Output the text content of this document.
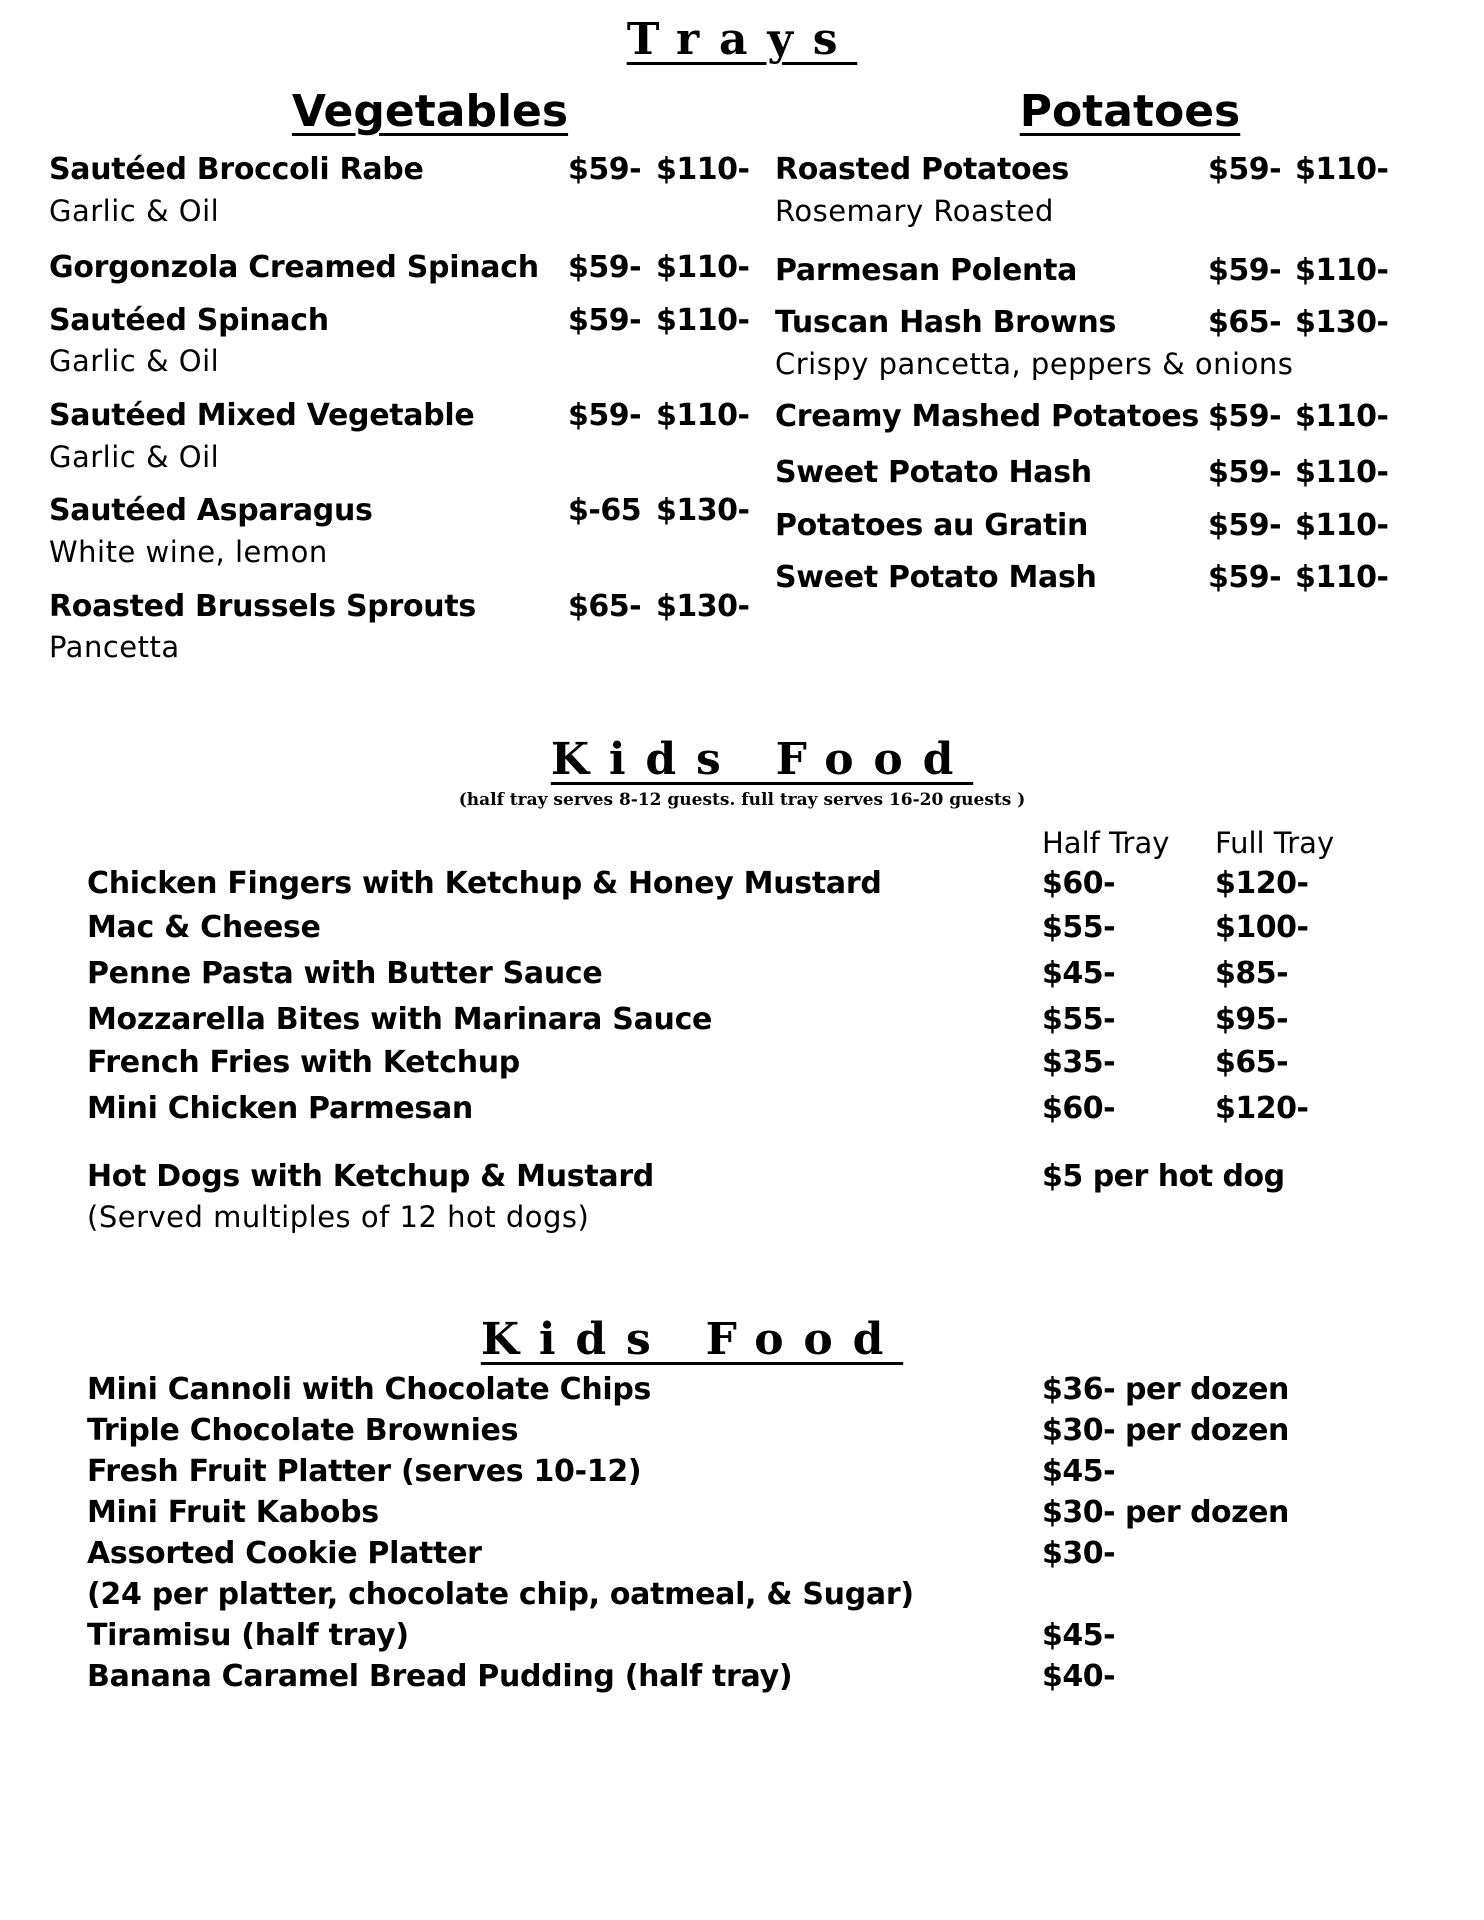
Trays
Vegetables	Potatoes
Sautéed Broccoli Rabe	$59- $110-
Garlic & Oil
Gorgonzola Creamed Spinach $59- $110-
Sautéed Spinach	$59- $110-
Garlic & Oil
Sautéed Mixed Vegetable	$59- $110-
Garlic & Oil
Sautéed Asparagus	$-65 $130-
White wine, lemon
Roasted Brussels Sprouts	$65- $130-
Pancetta
Roasted Potatoes	$59- $110-
Rosemary Roasted
Parmesan Polenta	$59- $110-
Tuscan Hash Browns	$65- $130-
Crispy pancetta, peppers & onions
Creamy Mashed Potatoes $59- $110-
Sweet Potato Hash	$59- $110-
Potatoes au Gratin	$59- $110-
Sweet Potato Mash	$59- $110-
Kids Food
(half tray serves 8-12 guests. full tray serves 16-20 guests )
Half Tray Full Tray
Chicken Fingers with Ketchup & Honey Mustard	$60-	$120-
Mac & Cheese	$55-	$100-
Penne Pasta with Butter Sauce	$45-	$85-
Mozzarella Bites with Marinara Sauce	$55-	$95-
French Fries with Ketchup	$35-	$65-
Mini Chicken Parmesan	$60-	$120-
Hot Dogs with Ketchup & Mustard	$5 per hot dog
(Served multiples of 12 hot dogs)
Kids Food
Mini Cannoli with Chocolate Chips	$36- per dozen
Triple Chocolate Brownies	$30- per dozen
Fresh Fruit Platter (serves 10-12)	$45-
Mini Fruit Kabobs	$30- per dozen
Assorted Cookie Platter	$30-
(24 per platter, chocolate chip, oatmeal, & Sugar)
Tiramisu (half tray)	$45-
Banana Caramel Bread Pudding (half tray)	$40-
